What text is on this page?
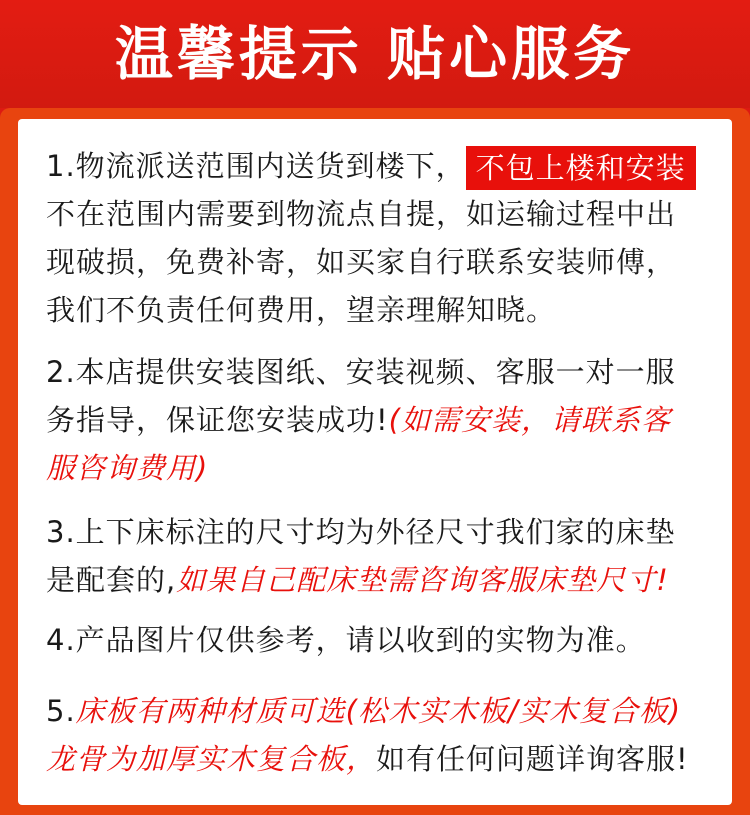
温馨提示 贴心服务
1.物流派送范围内送货到楼下， 不包上楼和安装
不在范围内需要到物流点自提，如运输过程中出
现破损，免费补寄，如买家自行联系安装师傅，
我们不负责任何费用，望亲理解知晓。
2.本店提供安装图纸、安装视频、客服一对一服
务指导，保证您安装成功!(如需安装，请联系客
服咨询费用)
3.上下床标注的尺寸均为外径尺寸我们家的床垫
是配套的,如果自己配床垫需咨询客服床垫尺寸!
4.产品图片仅供参考，请以收到的实物为准。
5.床板有两种材质可选(松木实木板/实木复合板)
龙骨为加厚实木复合板，如有任何问题详询客服!
